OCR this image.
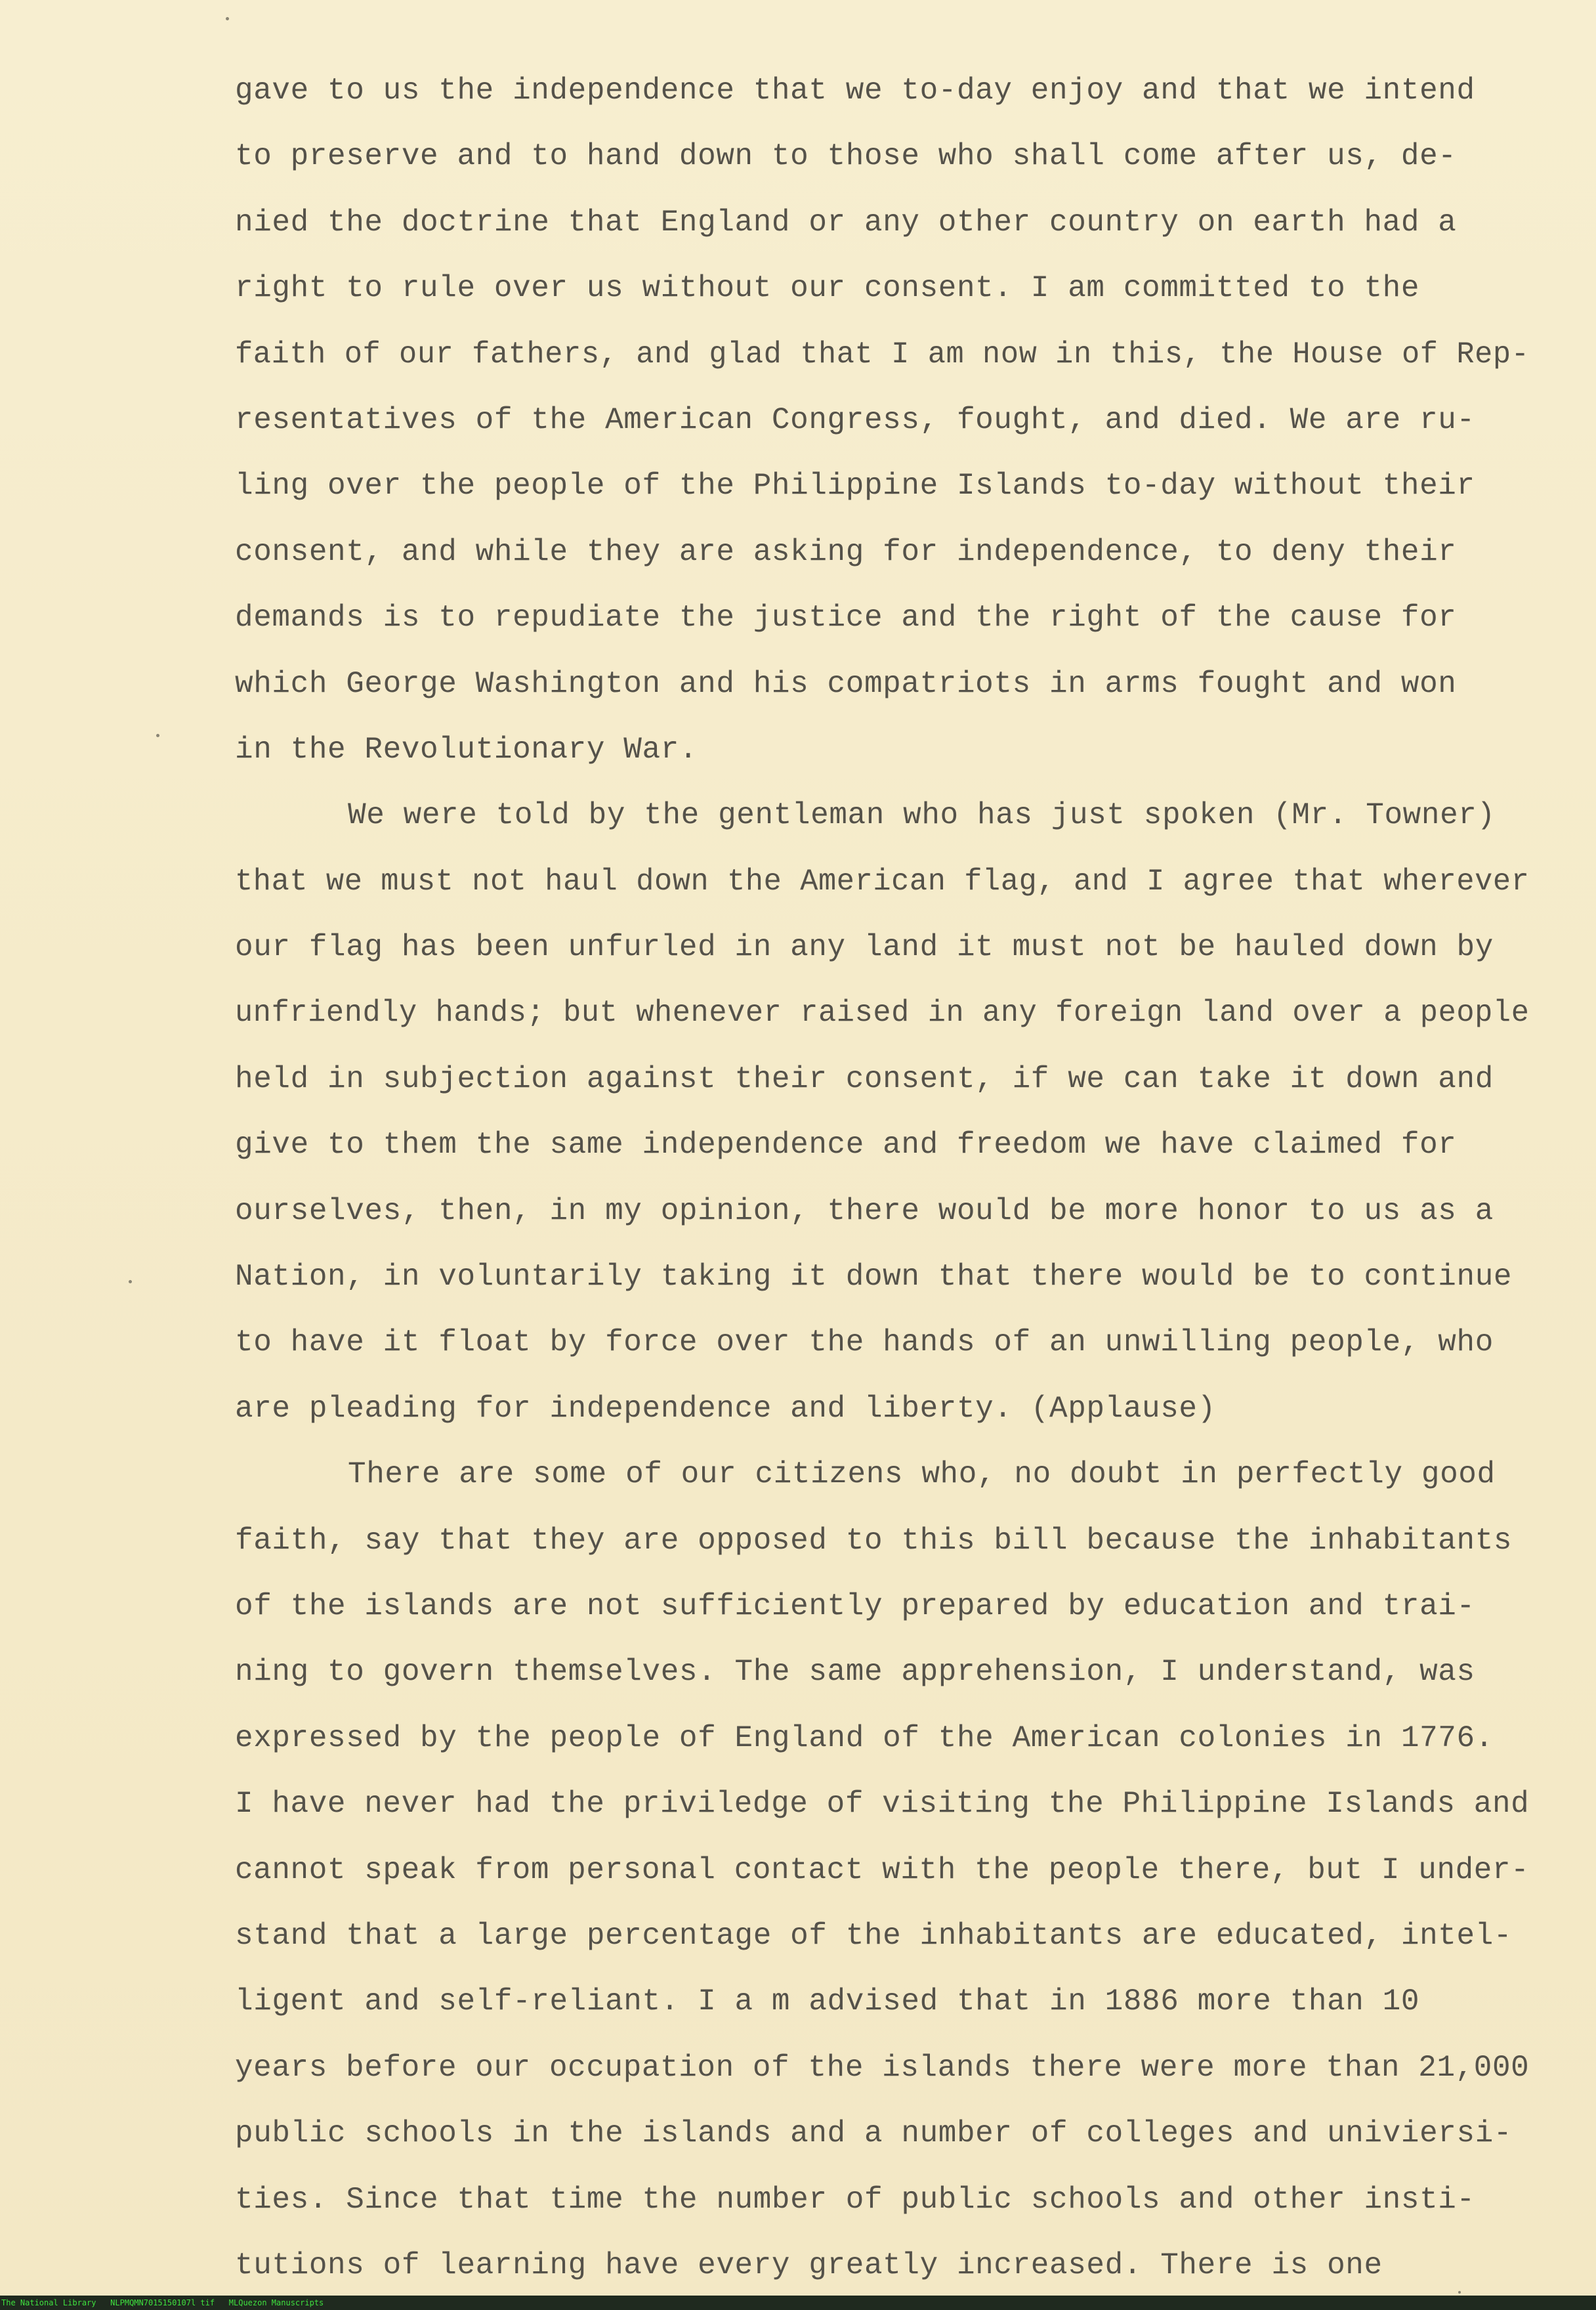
gave to us the independence that we to-day enjoy and that we intend
to preserve and to hand down to those who shall come after us, de-
nied the doctrine that England or any other country on earth had a
right to rule over us without our consent. I am committed to the
faith of our fathers, and glad that I am now in this, the House of Rep-
resentatives of the American Congress, fought, and died. We are ru-
ling over the people of the Philippine Islands to-day without their
consent, and while they are asking for independence, to deny their
demands is to repudiate the justice and the right of the cause for
which George Washington and his compatriots in arms fought and won
in the Revolutionary War.
We were told by the gentleman who has just spoken (Mr. Towner)
that we must not haul down the American flag, and I agree that wherever
our flag has been unfurled in any land it must not be hauled down by
unfriendly hands; but whenever raised in any foreign land over a people
held in subjection against their consent, if we can take it down and
give to them the same independence and freedom we have claimed for
ourselves, then, in my opinion, there would be more honor to us as a
Nation, in voluntarily taking it down that there would be to continue
to have it float by force over the hands of an unwilling people, who
are pleading for independence and liberty. (Applause)
There are some of our citizens who, no doubt in perfectly good
faith, say that they are opposed to this bill because the inhabitants
of the islands are not sufficiently prepared by education and trai-
ning to govern themselves. The same apprehension, I understand, was
expressed by the people of England of the American colonies in 1776.
I have never had the priviledge of visiting the Philippine Islands and
cannot speak from personal contact with the people there, but I under-
stand that a large percentage of the inhabitants are educated, intel-
ligent and self-reliant. I a m advised that in 1886 more than 10
years before our occupation of the islands there were more than 21,000
public schools in the islands and a number of colleges and univiersi-
ties. Since that time the number of public schools and other insti-
tutions of learning have every greatly increased. There is one
The National Library   NLPMQMN7015150107l tif   MLQuezon Manuscripts
